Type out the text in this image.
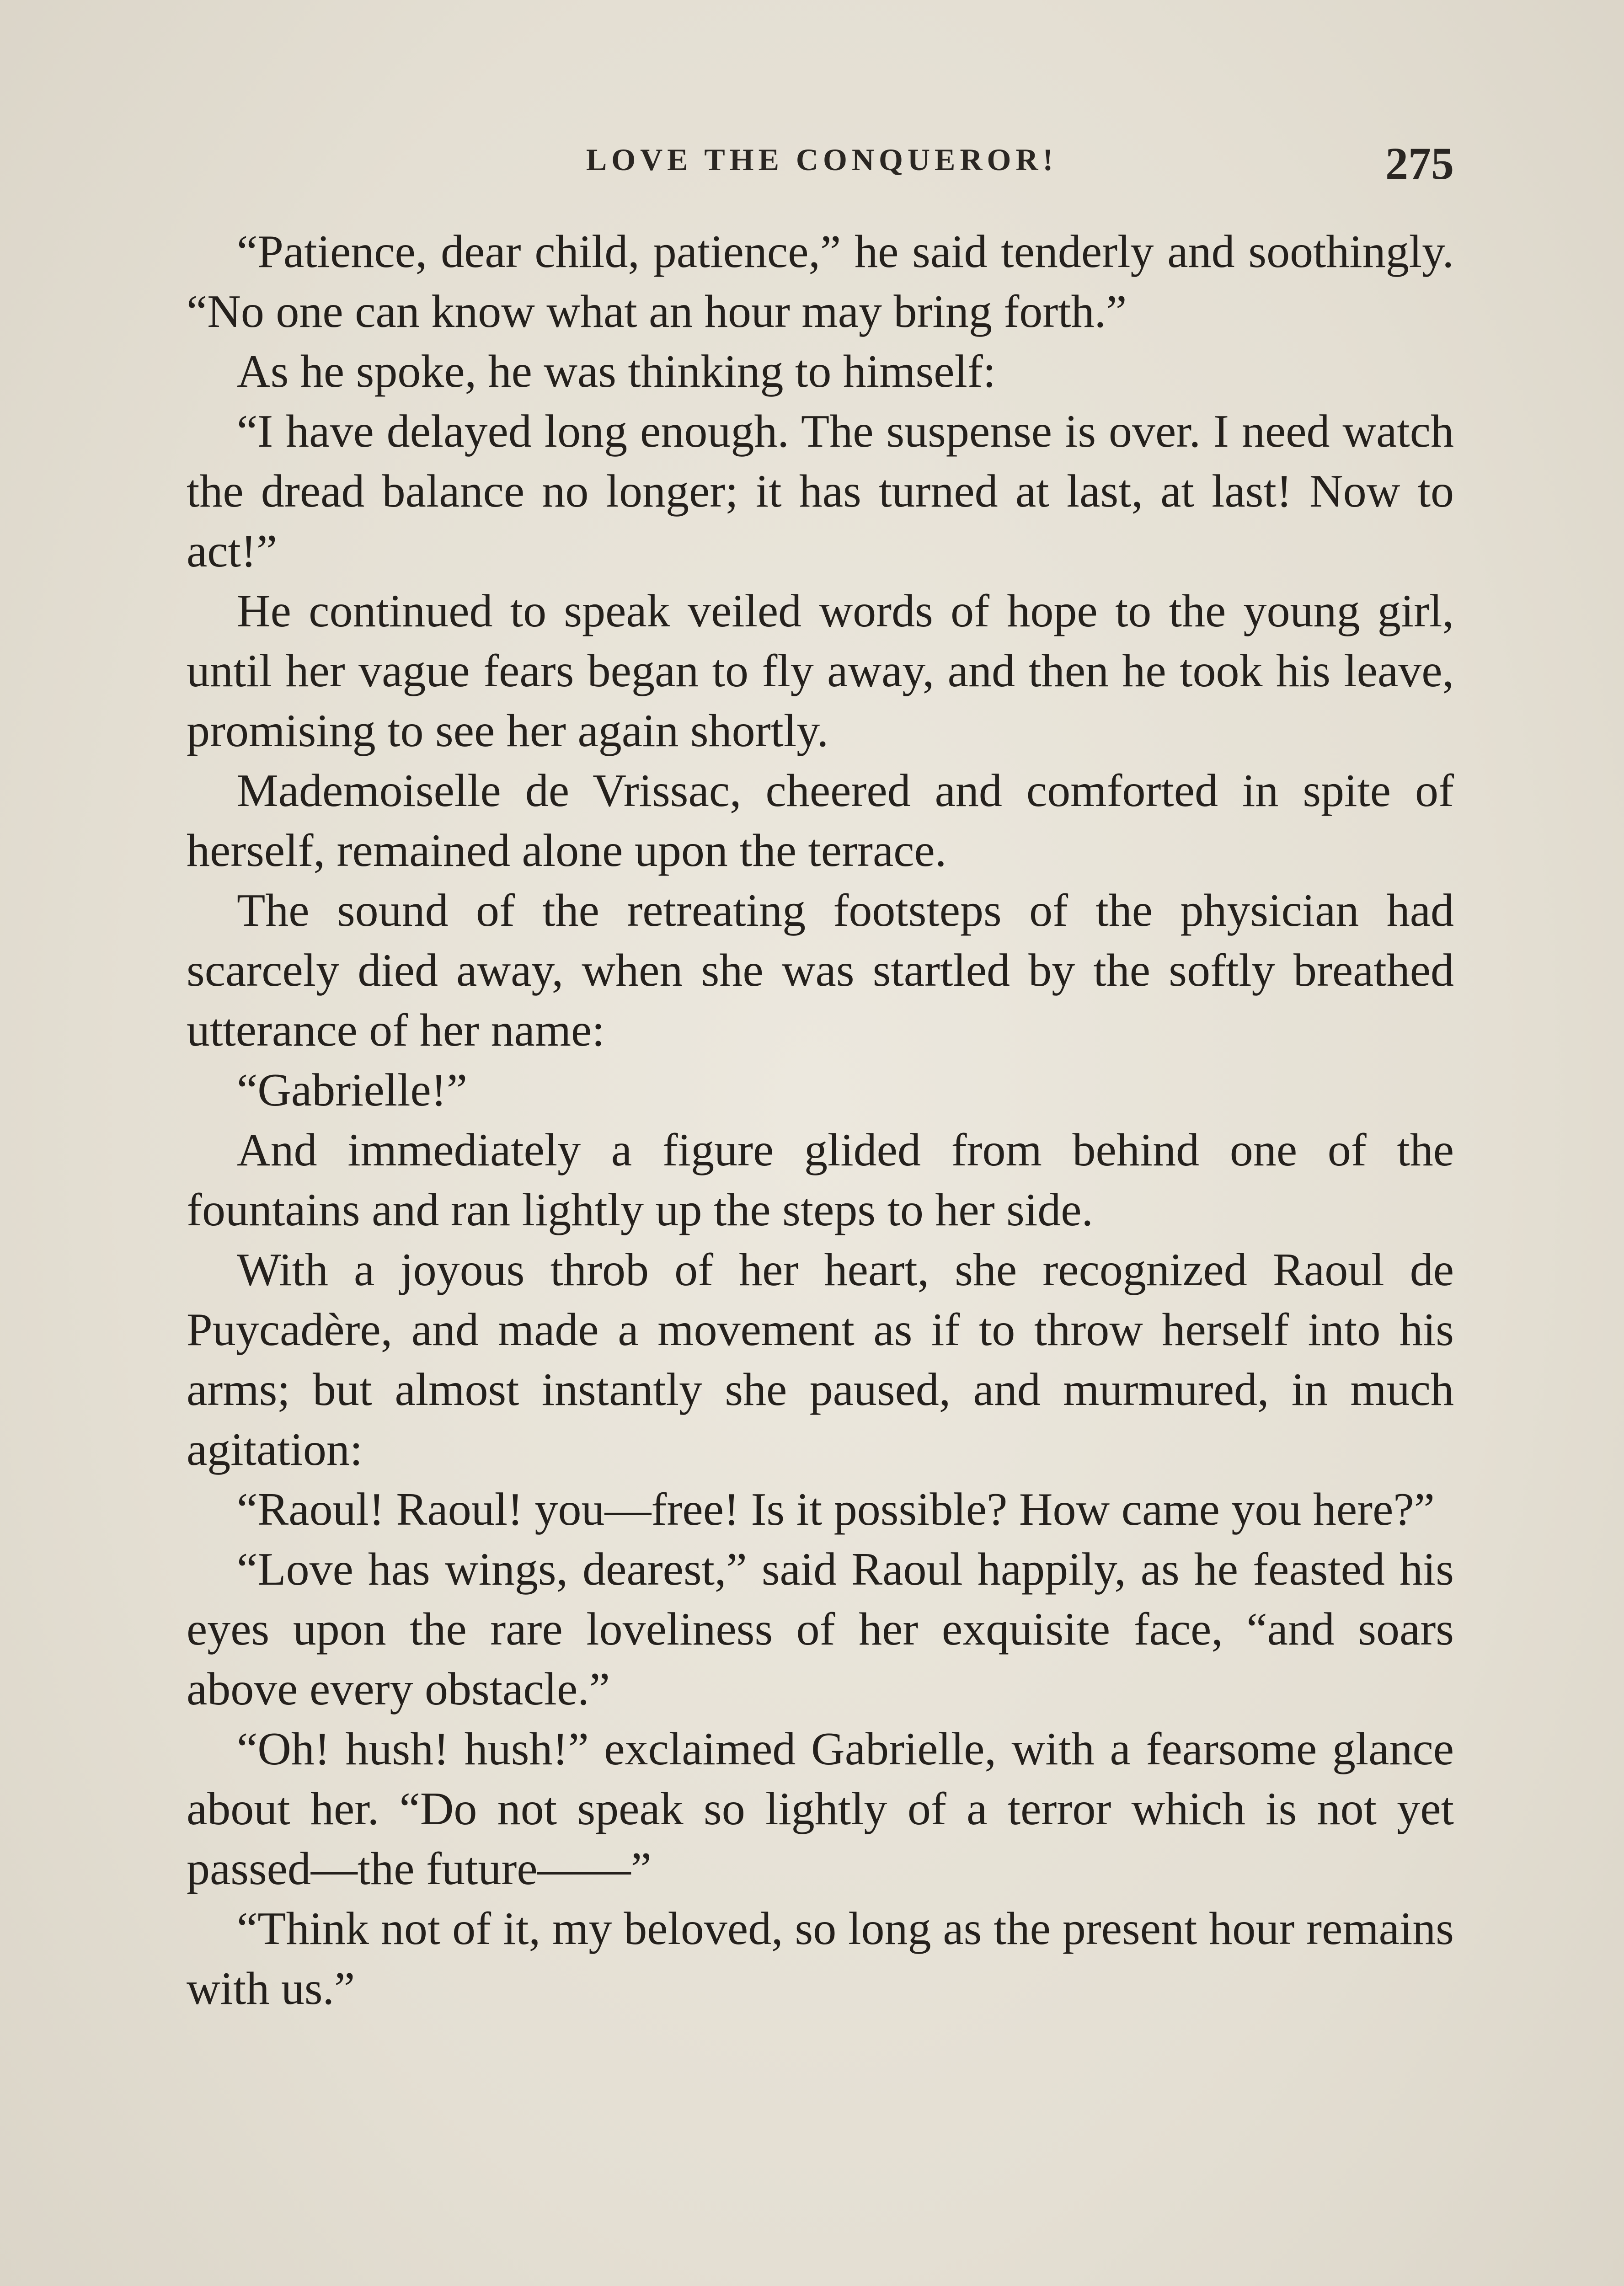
LOVE THE CONQUEROR!	275

“Patience, dear child, patience,” he said tenderly and soothingly. “No one can know what an hour may bring forth.”

As he spoke, he was thinking to himself:

“I have delayed long enough. The suspense is over. I need watch the dread balance no longer; it has turned at last, at last! Now to act!”

He continued to speak veiled words of hope to the young girl, until her vague fears began to fly away, and then he took his leave, promising to see her again shortly.

Mademoiselle de Vrissac, cheered and comforted in spite of herself, remained alone upon the terrace.

The sound of the retreating footsteps of the physician had scarcely died away, when she was startled by the softly breathed utterance of her name:

“Gabrielle!”

And immediately a figure glided from behind one of the fountains and ran lightly up the steps to her side.

With a joyous throb of her heart, she recognized Raoul de Puycadère, and made a movement as if to throw herself into his arms; but almost instantly she paused, and murmured, in much agitation:

“Raoul! Raoul! you—free! Is it possible? How came you here?”

“Love has wings, dearest,” said Raoul happily, as he feasted his eyes upon the rare loveliness of her exquisite face, “and soars above every obstacle.”

“Oh! hush! hush!” exclaimed Gabrielle, with a fearsome glance about her. “Do not speak so lightly of a terror which is not yet passed—the future——”

“Think not of it, my beloved, so long as the present hour remains with us.”
